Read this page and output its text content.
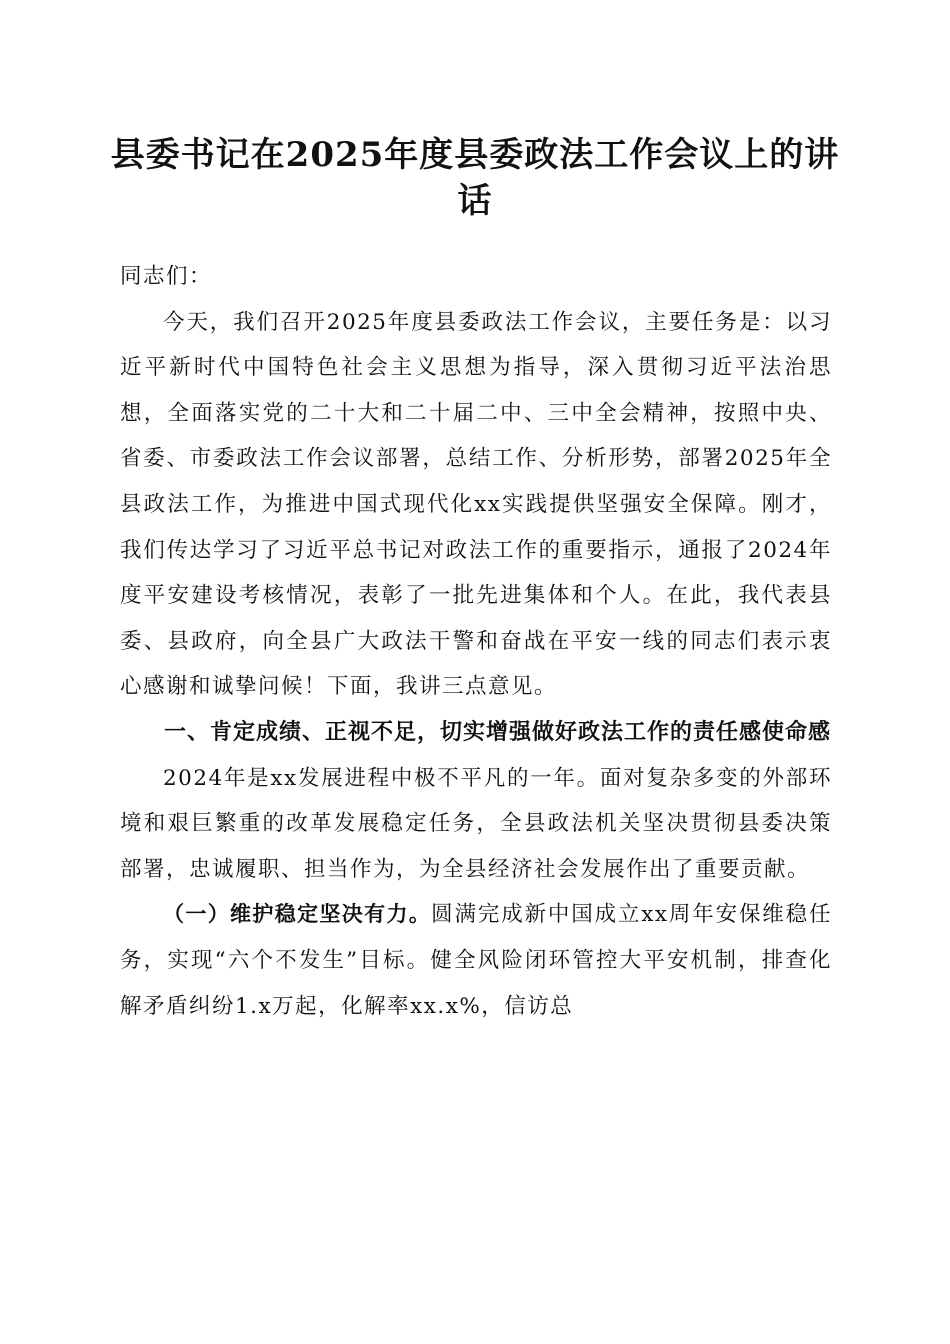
县委书记在2025年度县委政法工作会议上的讲话

同志们：

今天，我们召开2025年度县委政法工作会议，主要任务是：以习近平新时代中国特色社会主义思想为指导，深入贯彻习近平法治思想，全面落实党的二十大和二十届二中、三中全会精神，按照中央、省委、市委政法工作会议部署，总结工作、分析形势，部署2025年全县政法工作，为推进中国式现代化xx实践提供坚强安全保障。刚才，我们传达学习了习近平总书记对政法工作的重要指示，通报了2024年度平安建设考核情况，表彰了一批先进集体和个人。在此，我代表县委、县政府，向全县广大政法干警和奋战在平安一线的同志们表示衷心感谢和诚挚问候！下面，我讲三点意见。

一、肯定成绩、正视不足，切实增强做好政法工作的责任感使命感

2024年是xx发展进程中极不平凡的一年。面对复杂多变的外部环境和艰巨繁重的改革发展稳定任务，全县政法机关坚决贯彻县委决策部署，忠诚履职、担当作为，为全县经济社会发展作出了重要贡献。

（一）维护稳定坚决有力。圆满完成新中国成立xx周年安保维稳任务，实现“六个不发生”目标。健全风险闭环管控大平安机制，排查化解矛盾纠纷1.x万起，化解率xx.x%，信访总
